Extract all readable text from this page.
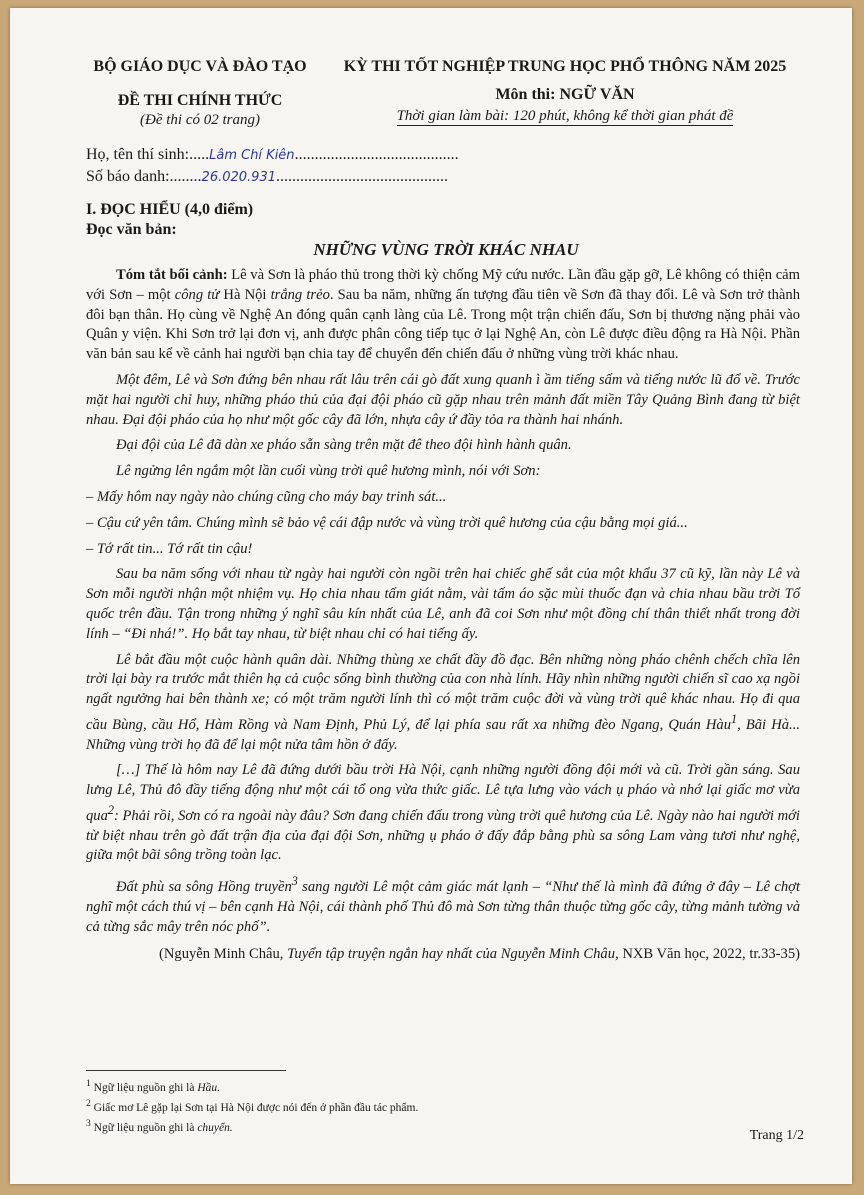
BỘ GIÁO DỤC VÀ ĐÀO TẠO
ĐỀ THI CHÍNH THỨC
(Đề thi có 02 trang)
KỲ THI TỐT NGHIỆP TRUNG HỌC PHỔ THÔNG NĂM 2025
Môn thi: NGỮ VĂN
Thời gian làm bài: 120 phút, không kể thời gian phát đề
Họ, tên thí sinh:.....Lâm Chí Kiên.........................................
Số báo danh:........26.020.931...........................................
I. ĐỌC HIỂU (4,0 điểm)
Đọc văn bản:
NHỮNG VÙNG TRỜI KHÁC NHAU

Tóm tắt bối cảnh: Lê và Sơn là pháo thủ trong thời kỳ chống Mỹ cứu nước. Lần đầu gặp gỡ, Lê không có thiện cảm với Sơn – một công tử Hà Nội trắng trẻo. Sau ba năm, những ấn tượng đầu tiên về Sơn đã thay đổi. Lê và Sơn trở thành đôi bạn thân. Họ cùng về Nghệ An đóng quân cạnh làng của Lê. Trong một trận chiến đấu, Sơn bị thương nặng phải vào Quân y viện. Khi Sơn trở lại đơn vị, anh được phân công tiếp tục ở lại Nghệ An, còn Lê được điều động ra Hà Nội. Phần văn bản sau kể về cảnh hai người bạn chia tay để chuyển đến chiến đấu ở những vùng trời khác nhau.

Một đêm, Lê và Sơn đứng bên nhau rất lâu trên cái gò đất xung quanh ì ầm tiếng sấm và tiếng nước lũ đổ về. Trước mặt hai người chỉ huy, những pháo thủ của đại đội pháo cũ gặp nhau trên mảnh đất miền Tây Quảng Bình đang từ biệt nhau. Đại đội pháo của họ như một gốc cây đã lớn, nhựa cây ứ đầy tỏa ra thành hai nhánh.

Đại đội của Lê đã dàn xe pháo sẵn sàng trên mặt đê theo đội hình hành quân.

Lê ngửng lên ngắm một lần cuối vùng trời quê hương mình, nói với Sơn:

– Mấy hôm nay ngày nào chúng cũng cho máy bay trinh sát...

– Cậu cứ yên tâm. Chúng mình sẽ bảo vệ cái đập nước và vùng trời quê hương của cậu bằng mọi giá...

– Tớ rất tin... Tớ rất tin cậu!

Sau ba năm sống với nhau từ ngày hai người còn ngồi trên hai chiếc ghế sắt của một khẩu 37 cũ kỹ, lần này Lê và Sơn mỗi người nhận một nhiệm vụ. Họ chia nhau tấm giát nằm, vài tấm áo sặc mùi thuốc đạn và chia nhau bầu trời Tổ quốc trên đầu. Tận trong những ý nghĩ sâu kín nhất của Lê, anh đã coi Sơn như một đồng chí thân thiết nhất trong đời lính – “Đi nhá!”. Họ bắt tay nhau, từ biệt nhau chỉ có hai tiếng ấy.

Lê bắt đầu một cuộc hành quân dài. Những thùng xe chất đầy đồ đạc. Bên những nòng pháo chênh chếch chĩa lên trời lại bày ra trước mắt thiên hạ cả cuộc sống bình thường của con nhà lính. Hãy nhìn những người chiến sĩ cao xạ ngồi ngất ngưởng hai bên thành xe; có một trăm người lính thì có một trăm cuộc đời và vùng trời quê khác nhau. Họ đi qua cầu Bùng, cầu Hổ, Hàm Rồng và Nam Định, Phủ Lý, để lại phía sau rất xa những đèo Ngang, Quán Hàu$^1$, Bãi Hà... Những vùng trời họ đã để lại một nửa tâm hồn ở đấy.

[…] Thế là hôm nay Lê đã đứng dưới bầu trời Hà Nội, cạnh những người đồng đội mới và cũ. Trời gần sáng. Sau lưng Lê, Thủ đô đầy tiếng động như một cái tổ ong vừa thức giấc. Lê tựa lưng vào vách ụ pháo và nhớ lại giấc mơ vừa qua$^2$: Phải rồi, Sơn có ra ngoài này đâu? Sơn đang chiến đấu trong vùng trời quê hương của Lê. Ngày nào hai người mới từ biệt nhau trên gò đất trận địa của đại đội Sơn, những ụ pháo ở đấy đắp bằng phù sa sông Lam vàng tươi như nghệ, giữa một bãi sông trồng toàn lạc.

Đất phù sa sông Hồng truyền$^3$ sang người Lê một cảm giác mát lạnh – “Như thế là mình đã đứng ở đây – Lê chợt nghĩ một cách thú vị – bên cạnh Hà Nội, cái thành phố Thủ đô mà Sơn từng thân thuộc từng gốc cây, từng mảnh tường và cả từng sắc mây trên nóc phố”.

(Nguyễn Minh Châu, Tuyển tập truyện ngắn hay nhất của Nguyễn Minh Châu, NXB Văn học, 2022, tr.33-35)

$^1$ Ngữ liệu nguồn ghi là Hầu.
$^2$ Giấc mơ Lê gặp lại Sơn tại Hà Nội được nói đến ở phần đầu tác phẩm.
$^3$ Ngữ liệu nguồn ghi là chuyển.
Trang 1/2
